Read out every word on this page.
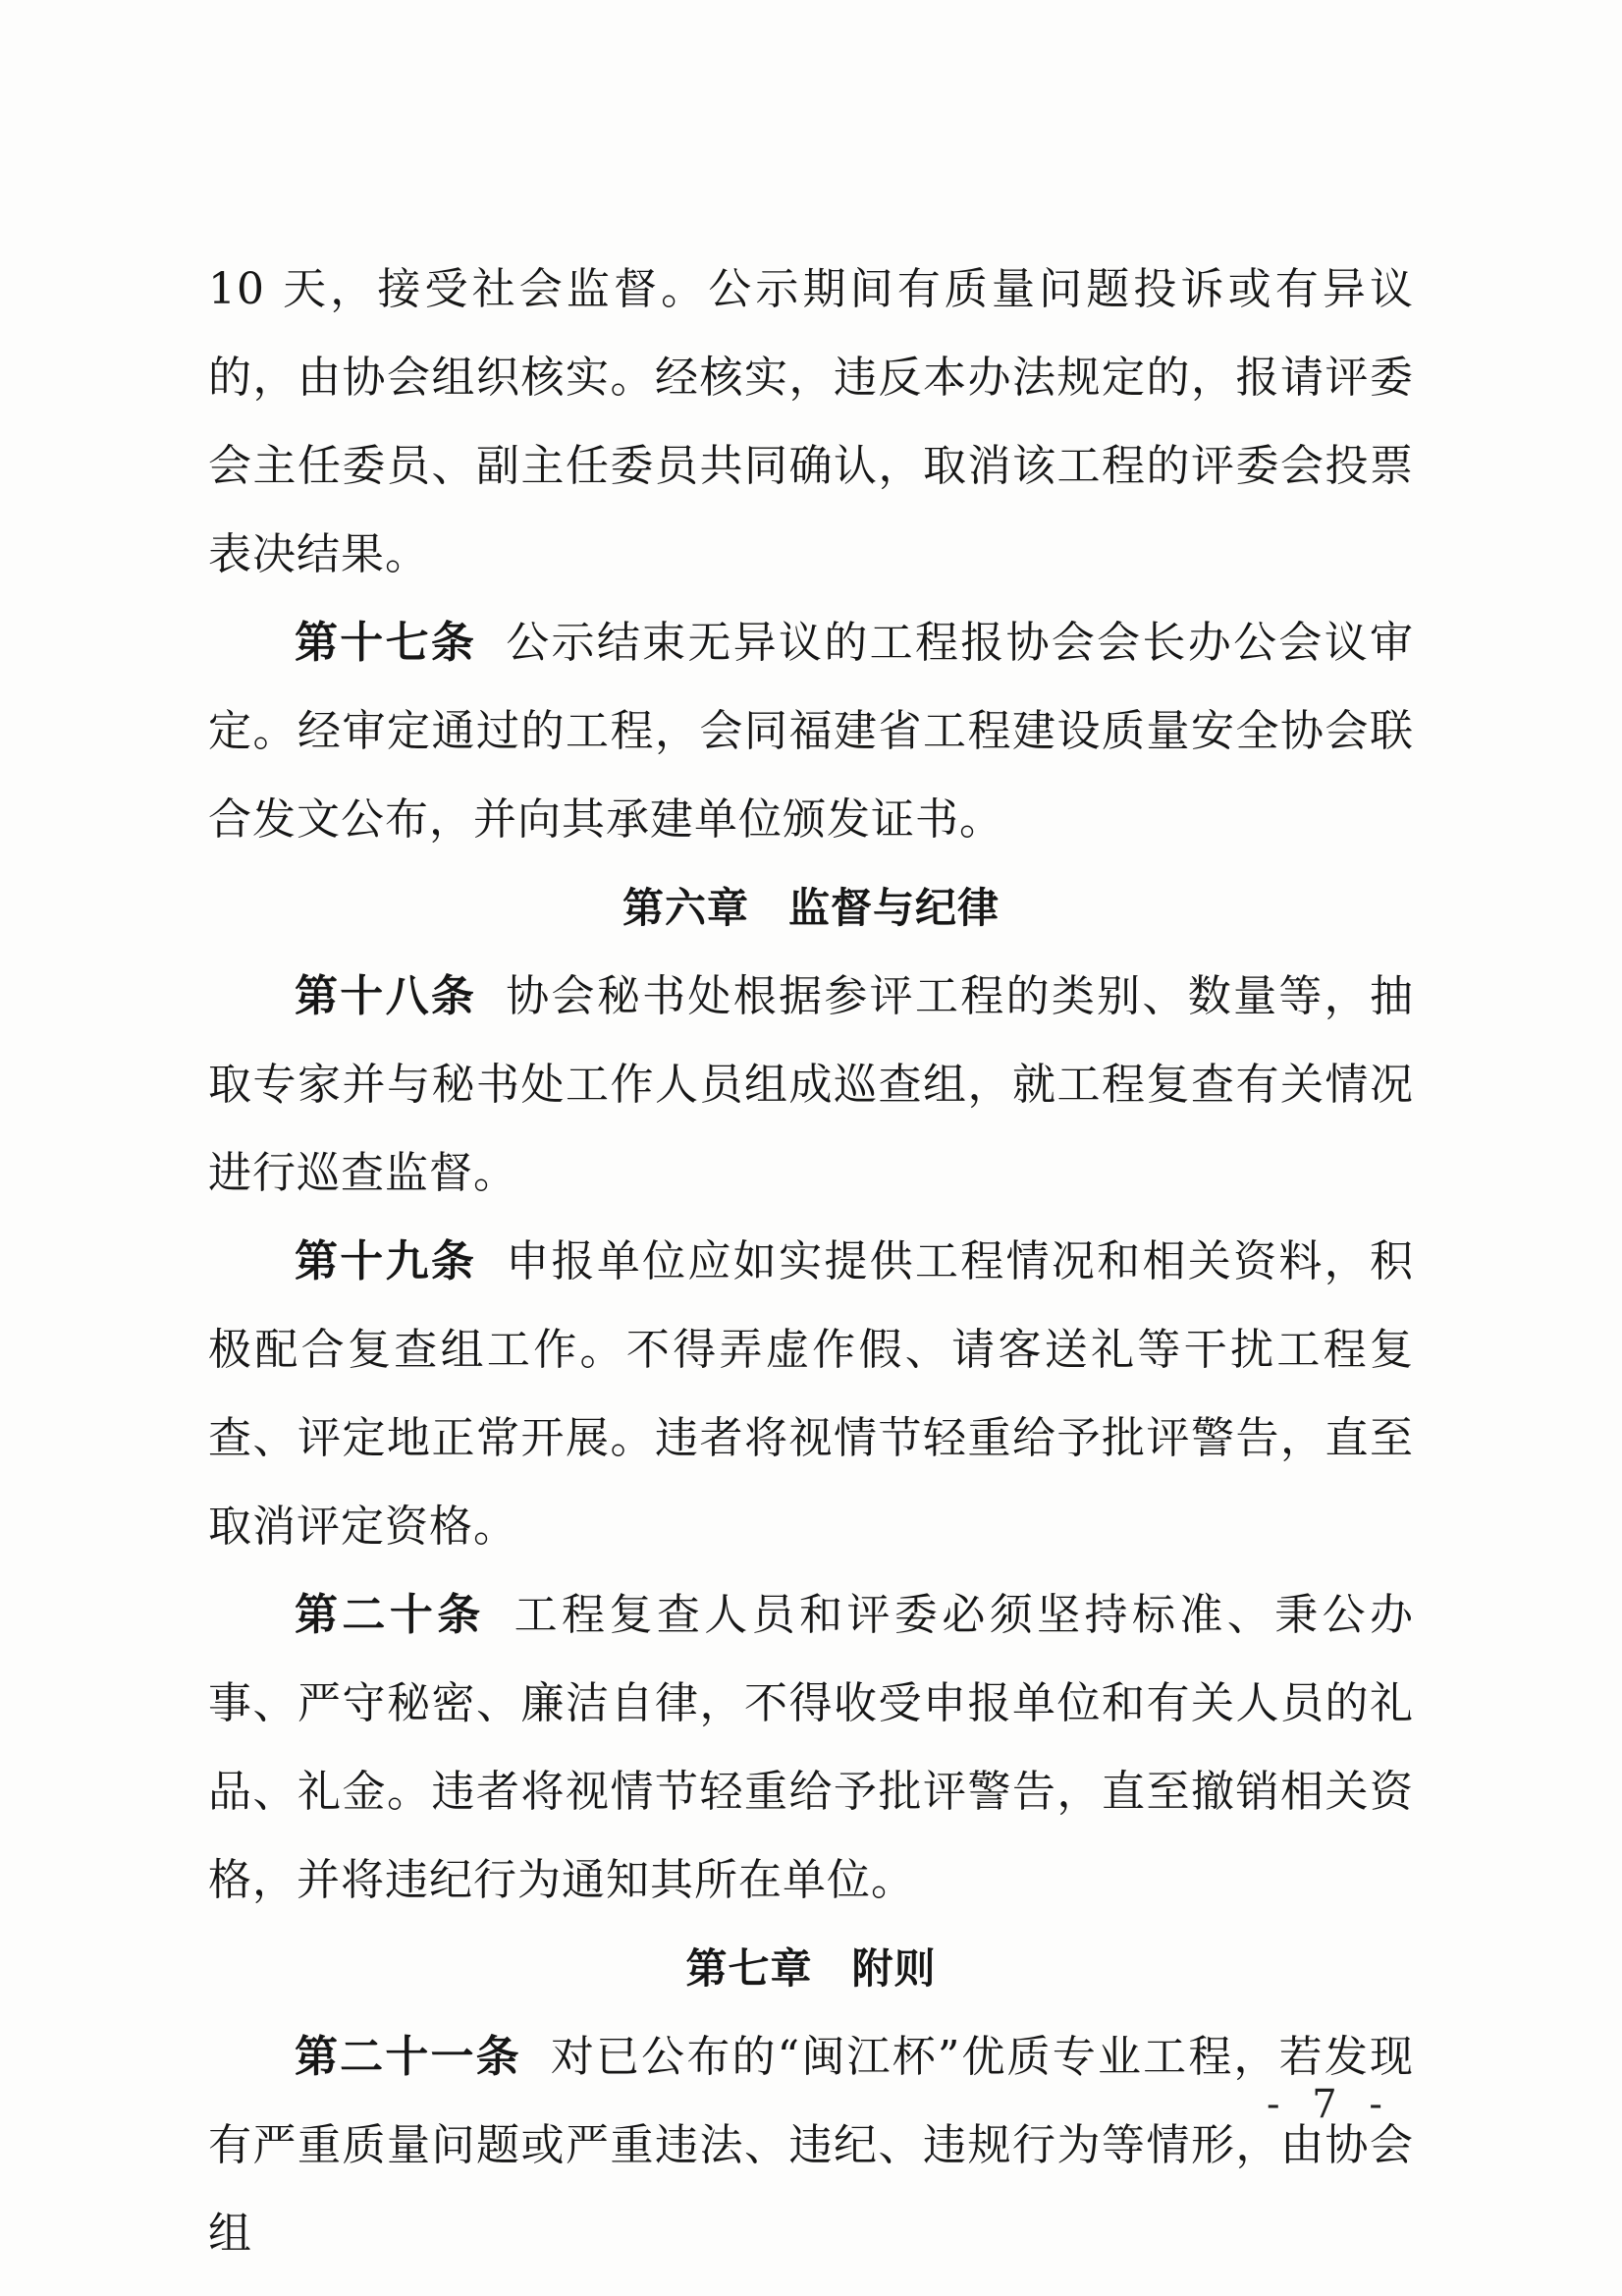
10 天，接受社会监督。公示期间有质量问题投诉或有异议的，由协会组织核实。经核实，违反本办法规定的，报请评委会主任委员、副主任委员共同确认，取消该工程的评委会投票表决结果。

第十七条 公示结束无异议的工程报协会会长办公会议审定。经审定通过的工程，会同福建省工程建设质量安全协会联合发文公布，并向其承建单位颁发证书。

第六章 监督与纪律

第十八条 协会秘书处根据参评工程的类别、数量等，抽取专家并与秘书处工作人员组成巡查组，就工程复查有关情况进行巡查监督。

第十九条 申报单位应如实提供工程情况和相关资料，积极配合复查组工作。不得弄虚作假、请客送礼等干扰工程复查、评定地正常开展。违者将视情节轻重给予批评警告，直至取消评定资格。

第二十条 工程复查人员和评委必须坚持标准、秉公办事、严守秘密、廉洁自律，不得收受申报单位和有关人员的礼品、礼金。违者将视情节轻重给予批评警告，直至撤销相关资格，并将违纪行为通知其所在单位。

第七章 附则

第二十一条 对已公布的“闽江杯”优质专业工程，若发现有严重质量问题或严重违法、违纪、违规行为等情形，由协会组

- 7 -
